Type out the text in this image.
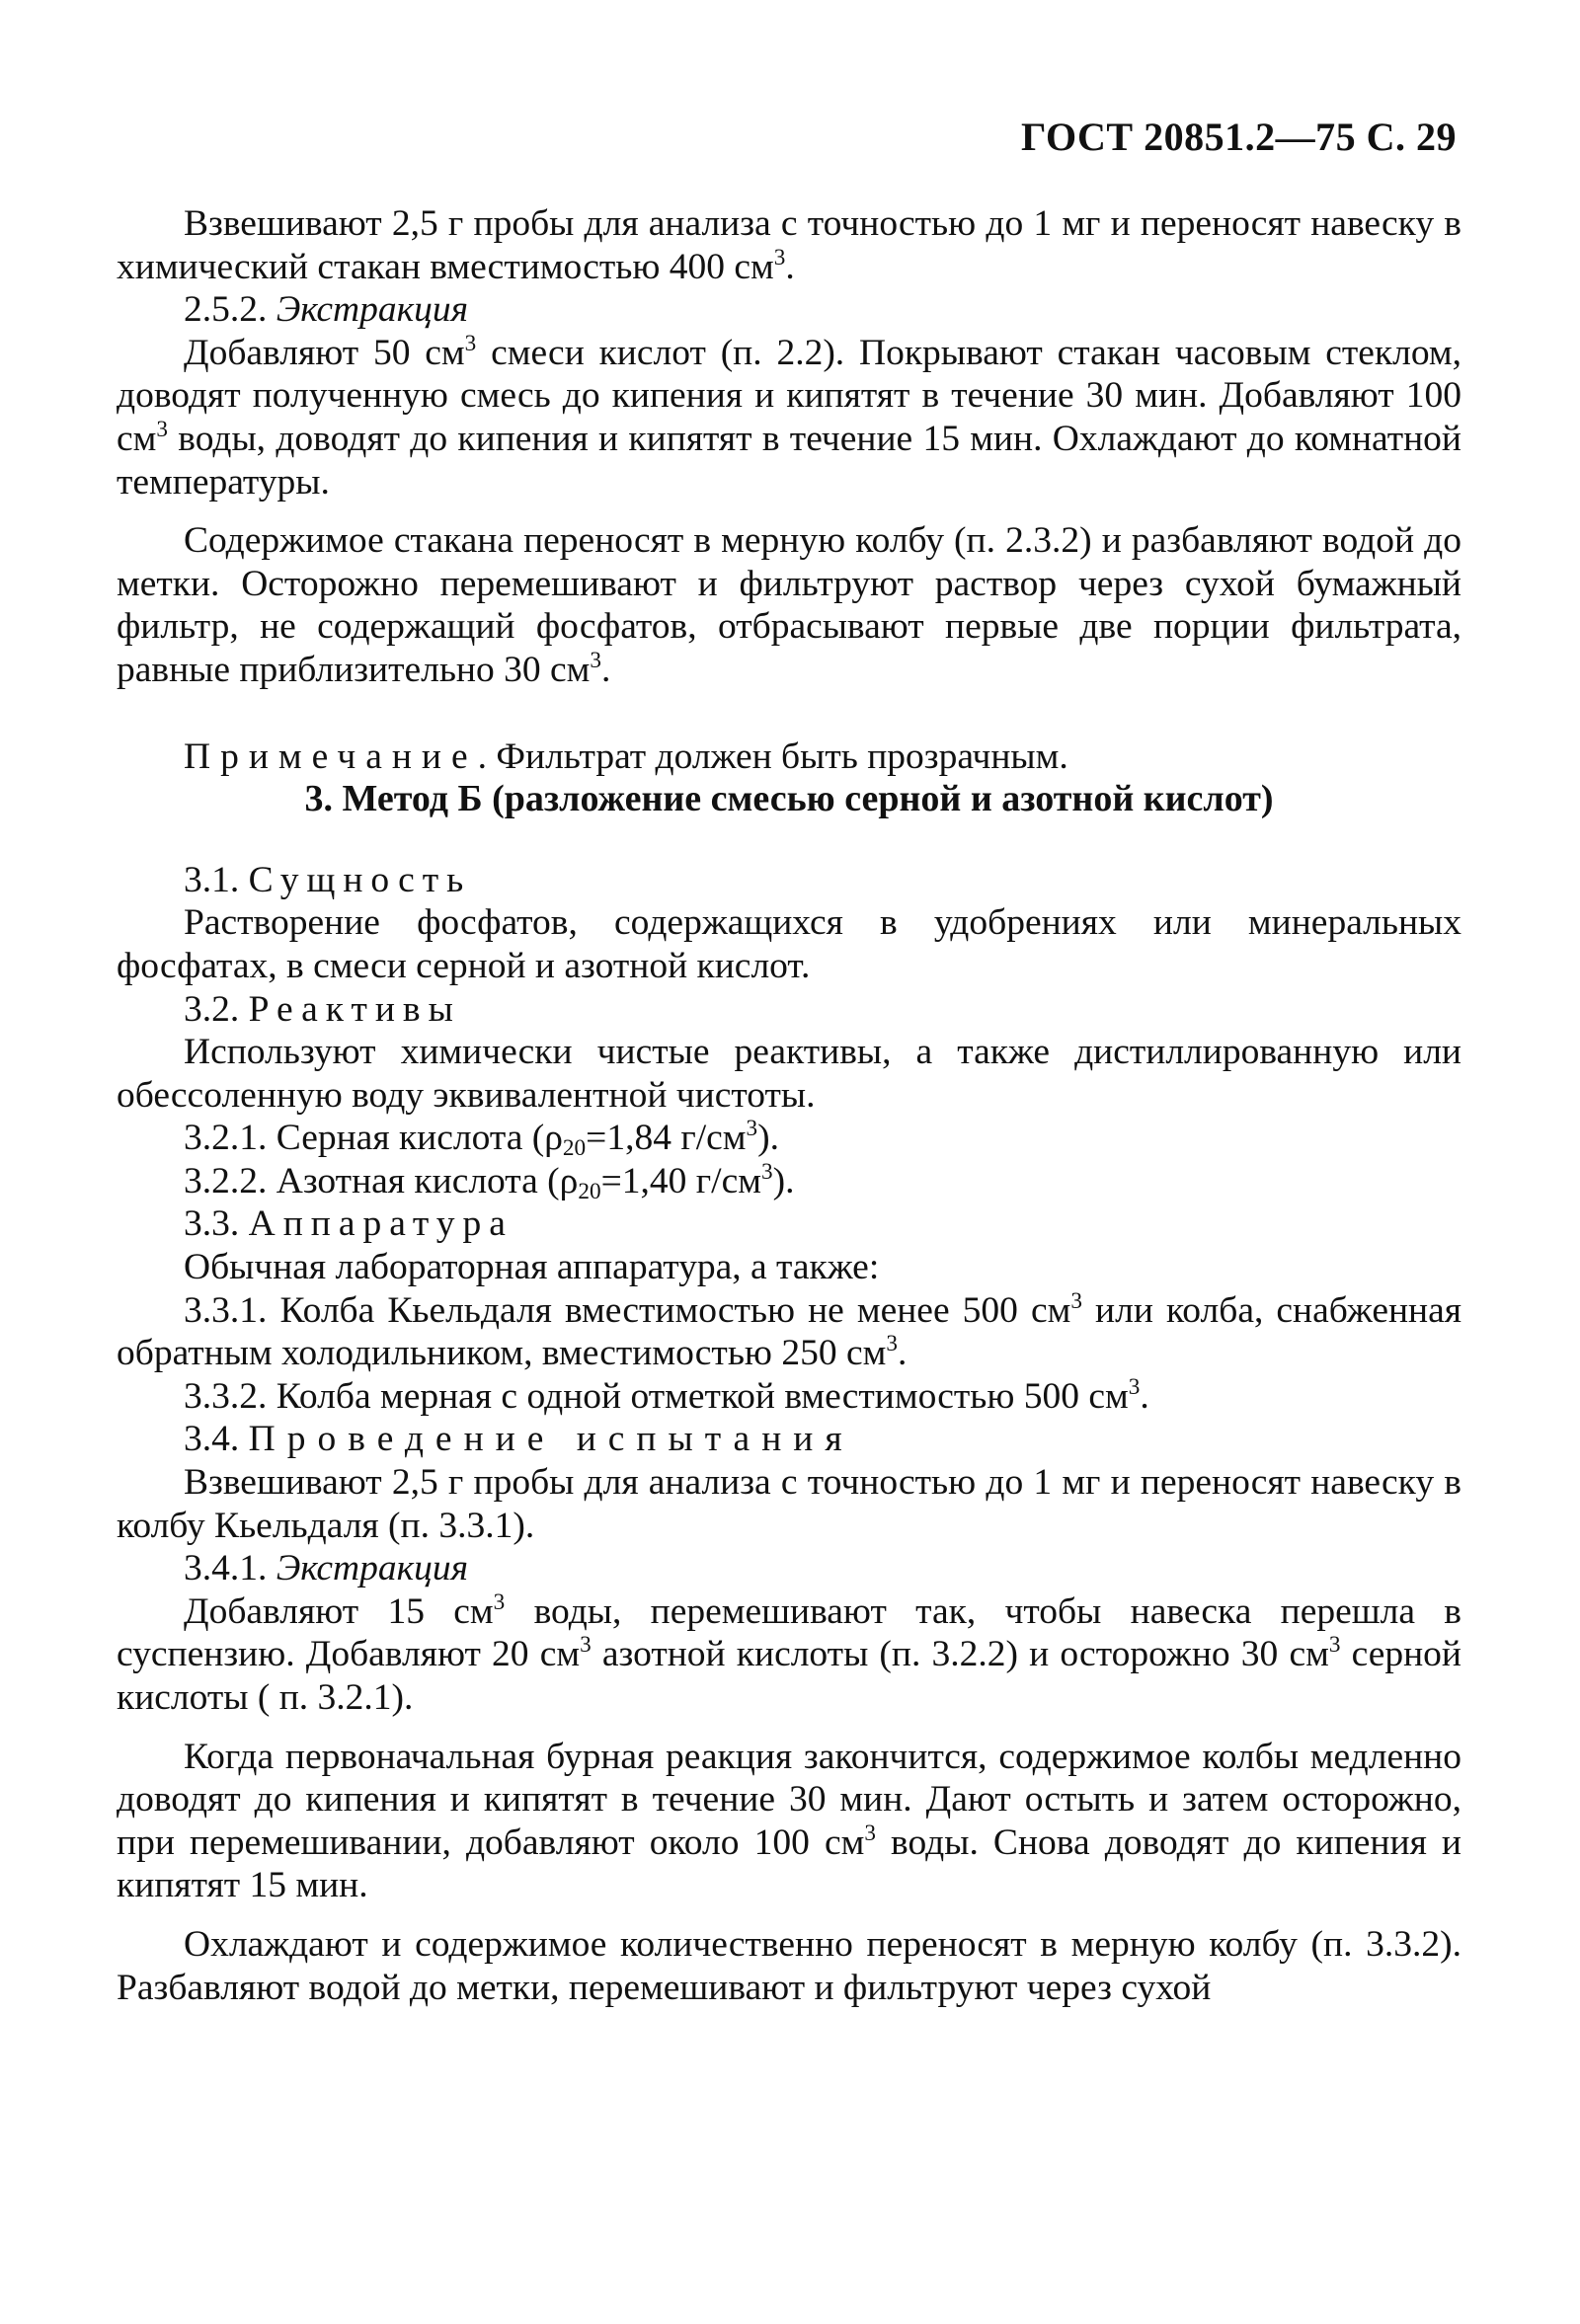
ГОСТ 20851.2—75 С. 29

Взвешивают 2,5 г пробы для анализа с точностью до 1 мг и переносят навеску в химический стакан вместимостью 400 $см^3$.

2.5.2. Экстракция

Добавляют 50 $см^3$ смеси кислот (п. 2.2). Покрывают стакан часовым стеклом, доводят полученную смесь до кипения и кипятят в течение 30 мин. Добавляют 100 $см^3$ воды, доводят до кипения и кипятят в течение 15 мин. Охлаждают до комнатной температуры.

Содержимое стакана переносят в мерную колбу (п. 2.3.2) и разбавляют водой до метки. Осторожно перемешивают и фильтруют раствор через сухой бумажный фильтр, не содержащий фосфатов, отбрасывают первые две порции фильтрата, равные приблизительно 30 $см^3$.

Примечание. Фильтрат должен быть прозрачным.

3. Метод Б (разложение смесью серной и азотной кислот)

3.1. Сущность

Растворение фосфатов, содержащихся в удобрениях или минеральных фосфатах, в смеси серной и азотной кислот.

3.2. Реактивы

Используют химически чистые реактивы, а также дистиллированную или обессоленную воду эквивалентной чистоты.

3.2.1. Серная кислота ($\rho_{20}=1,84$ $г/см^3$).

3.2.2. Азотная кислота ($\rho_{20}=1,40$ $г/см^3$).

3.3. Аппаратура

Обычная лабораторная аппаратура, а также:

3.3.1. Колба Кьельдаля вместимостью не менее 500 $см^3$ или колба, снабженная обратным холодильником, вместимостью 250 $см^3$.

3.3.2. Колба мерная с одной отметкой вместимостью 500 $см^3$.

3.4. Проведение испытания

Взвешивают 2,5 г пробы для анализа с точностью до 1 мг и переносят навеску в колбу Кьельдаля (п. 3.3.1).

3.4.1. Экстракция

Добавляют 15 $см^3$ воды, перемешивают так, чтобы навеска перешла в суспензию. Добавляют 20 $см^3$ азотной кислоты (п. 3.2.2) и осторожно 30 $см^3$ серной кислоты ( п. 3.2.1).

Когда первоначальная бурная реакция закончится, содержимое колбы медленно доводят до кипения и кипятят в течение 30 мин. Дают остыть и затем осторожно, при перемешивании, добавляют около 100 $см^3$ воды. Снова доводят до кипения и кипятят 15 мин.

Охлаждают и содержимое количественно переносят в мерную колбу (п. 3.3.2). Разбавляют водой до метки, перемешивают и фильтруют через сухой
